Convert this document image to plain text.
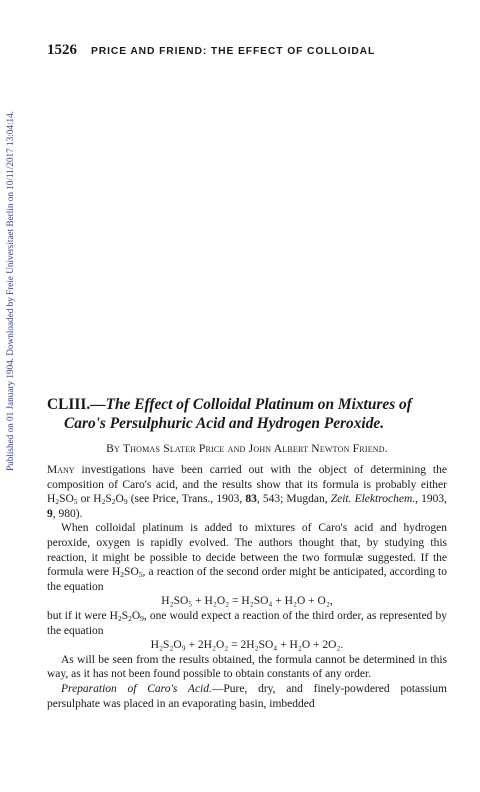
Published on 01 January 1904. Downloaded by Freie Universitaet Berlin on 10/11/2017 13:04:14.
1526 PRICE AND FRIEND: THE EFFECT OF COLLOIDAL
CLIII.—The Effect of Colloidal Platinum on Mixtures of
Caro's Persulphuric Acid and Hydrogen Peroxide.
By Thomas Slater Price and John Albert Newton Friend.

Many investigations have been carried out with the object of determining the composition of Caro's acid, and the results show that its formula is probably either $H_2SO_5$ or $H_2S_2O_9$ (see Price, Trans., 1903, 83, 543; Mugdan, Zeit. Elektrochem., 1903, 9, 980).

When colloidal platinum is added to mixtures of Caro's acid and hydrogen peroxide, oxygen is rapidly evolved. The authors thought that, by studying this reaction, it might be possible to decide between the two formulæ suggested. If the formula were $H_2SO_5$, a reaction of the second order might be anticipated, according to the equation

H₂SO₅ + H₂O₂ = H₂SO₄ + H₂O + O₂,

but if it were $H_2S_2O_9$, one would expect a reaction of the third order, as represented by the equation

H₂S₂O₉ + 2H₂O₂ = 2H₂SO₄ + H₂O + 2O₂.

As will be seen from the results obtained, the formula cannot be determined in this way, as it has not been found possible to obtain constants of any order.

Preparation of Caro's Acid.—Pure, dry, and finely-powdered potassium persulphate was placed in an evaporating basin, imbedded
